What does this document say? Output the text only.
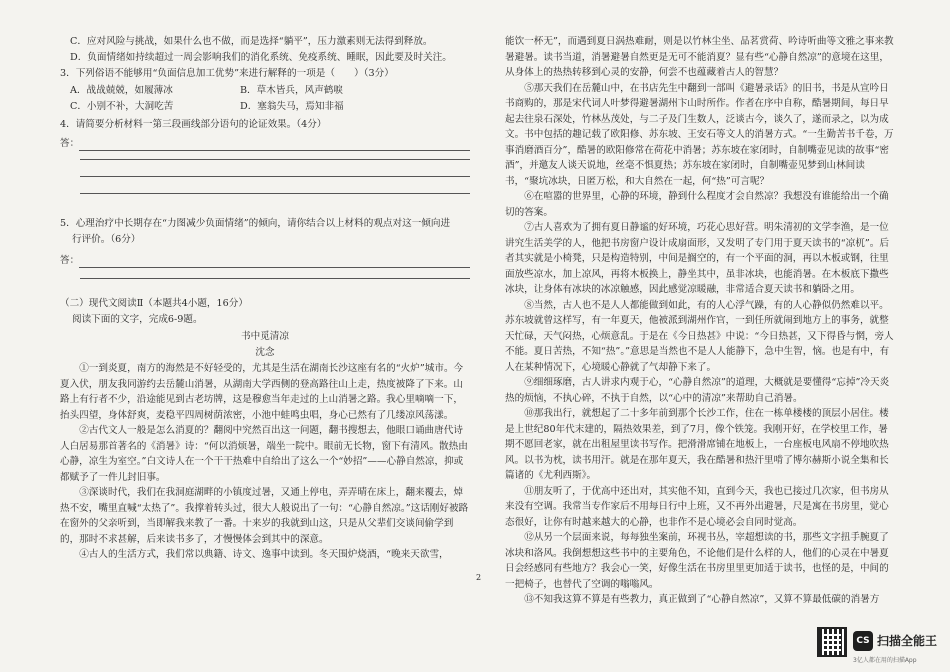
C．应对风险与挑战，如果什么也不做，而是选择“躺平”，压力激素则无法得到释放。

D．负面情绪如持续超过一周会影响我们的消化系统、免疫系统、睡眠，因此要及时关注。

3．下列俗语不能够用“负面信息加工优势”来进行解释的一项是（　　）（3分）

A．战战兢兢，如履薄冰	B．草木皆兵，风声鹤唳
C．小别不补，大洞吃苦	D．塞翁失马，焉知非福

4．请简要分析材料一第三段画线部分语句的论证效果。（4分）

答：

5．心理治疗中长期存在“力图减少负面情绪”的倾向，请你结合以上材料的观点对这一倾向进

行评价。（6分）

答：

（二）现代文阅读Ⅱ（本题共4小题，16分）

阅读下面的文字，完成6-9题。

书中觅清凉

沈念

①一到炎夏，南方的海然是不好轻受的，尤其是生活在湖南长沙这座有名的“火炉”城市。今夏入伏，朋友我同游约去岳麓山消暑，从湖南大学西侧的登高路往山上走，热度被降了下来。山路上有行者不少，沿途能见到古老坊牌，这是穆愈当年走过的上山消暑之路。我心里嘀嘀一下，抬头四望，身体舒爽，麦稳平四周树荫浓密，小池中蛙鸣虫唱，身心已然有了几缕凉风荡漾。

②古代文人一般是怎么消夏的？翻阅中究然百出这一问题，翻书搜想去，他眼口诵曲唐代诗人白居易那首著名的《消暑》诗：“何以消烦暑，端坐一院中。眼前无长物，窗下有清风。散热由心静，凉生为室空。”白文诗人在一个干干热难中自给出了这么一个“妙招”——心静自然凉，抑或都赋予了一件儿封旧事。

③深谈时代，我们在我洞庭湖畔的小镇度过暑，又通上停电，弄弄晴在床上，翻来覆去，焯热不安，嘴里直喊“太热了”。我撑着转头过，很大人般说出了一句：“心静自然凉。”这话刚好被路在窗外的父亲听到，当即解我来教了一番。十来岁的我就到山这，只是从父辈们交谈间偷学到的，那时不求甚解，后来读书多了，才慢慢体会到其中的深意。

④古人的生活方式，我们常以典籍、诗文、逸事中读到。冬天围炉烧酒，“晚来天欲雪，

能饮一杯无”，而遇到夏日涡热难耐，则是以竹林尘坐、品茗赏荷、吟诗听曲等文雅之事来教暑避暑。读书当道，消暑避暑自然更是无可不能消夏？显有些“心静自然凉”的意境在这里，从身体上的热热转移到心灵的安静，何尝不也蕴藏着古人的智慧？

⑤那天我们在岳麓山中，在书店先生中翻到一部叫《避暑录话》的旧书，书是从宣吟日书商购的，那是宋代词人叶梦得避暑湖州卞山时所作。作者在序中自称，酷暑期间，每日早起去往泉石深处，竹林丛茂处，与二子及门生数人，泛谈古今，谈久了，遂而录之，以为成文。书中包括的趣记载了欧阳修、苏东坡、王安石等文人的消暑方式。“一生勤苦书千卷，万事消磨酒百分”，酷暑的欧阳修常在荷花中消暑；苏东坡在家闭时，自制嘴壶见读的故事“密酒”，并邀友人谈天说地，丝毫不惧夏热；苏东坡在家闭时，自制嘴壶见梦到山林间读书，“聚坑冰块，日匿万松，和大自然在一起，何“热”可言呢？

⑥在喧嚣的世界里，心静的环境，静到什么程度才会自然凉？我想没有谁能给出一个确切的答案。

⑦古人喜欢为了拥有夏日静谧的好环境，巧花心思好营。明朱清初的文学李渔，是一位讲究生活美学的人，他把书房窗户设计成扇面形，又发明了专门用于夏天读书的“凉杌”。后者其实就是小椅凳，只是构造特别，中间是搁空的，有一个平面的洞，再以木板或钢，往里面放些凉水，加上凉风，再将木板换上，静坐其中，虽非冰块，也能消暑。在木板底下撒些冰块，让身体有冰块的冰凉触感，因此感觉凉暖融，非常适合夏天读书和躺卧之用。

⑧当然，古人也不是人人都能做到如此，有的人心浮气躁，有的人心静似仍然难以平。苏东坡就曾这样写，有一年夏天，他被派到湖州作官，一到任所就闹到地方上的事务，就整天忙碌，天气闷热，心烦意乱。于是在《今日热甚》中说：“今日热甚，又下得昏与惘，旁人不能。夏日苦热，不知“热”。”意思是当然也不是人人能静下，急中生智，恼。也是有中，有人在某种情况下，心境暖心静就了气却静下来了。

⑨细细琢磨，古人讲求内观于心，“心静自然凉”的道理，大概就是要懂得“忘掉”冷天炎热的烦恼，不执心碎，不执于自然，以“心中的清凉”来帮助自己消暑。

⑩那我出行，就想起了二十多年前到那个长沙工作，住在一栋单楼楼的顶层小居住。楼是上世纪80年代末建的，隔热效果差，到了7月，像个铁笼。我刚开好，在学校里工作，暑期不愿回老家，就在出租屋里读书写作。把滑滑席铺在地板上，一台座板电风扇不停地吹热风。以书为枕，读书用汗。就是在那年夏天，我在酷暑和热汗里啃了博尔赫斯小说全集和长篇诸的《尤利西斯》。

⑪朋友听了，于优高中还出对，其实他不知，直到今天，我也已接过几次家，但书房从来没有空调。我常当专作家后不用每日行中上班，又不再外出避暑，尺是寓在书房里，觉心态很好，让你有时越来越大的心静，也非作不是心境必会自同时觉高。

⑫从另一个层面来说，每每独坐案前，环视书丛，宰超想读的书，那些文字扭手腕夏了冰块和洛风。我倒想想这些书中的主要角色，不论他们是什么样的人，他们的心灵在中暑夏日会经感同有些地方？我会心一笑，好像生活在书房里里更加适于读书，也怪的是，中间的一把椅子，也替代了空调的嗡嗡风。

⑬不知我这算不算是有些教力，真正做到了“心静自然凉”，又算不算最低碳的消暑方

2
CS 扫描全能王
3亿人都在用的扫描App
